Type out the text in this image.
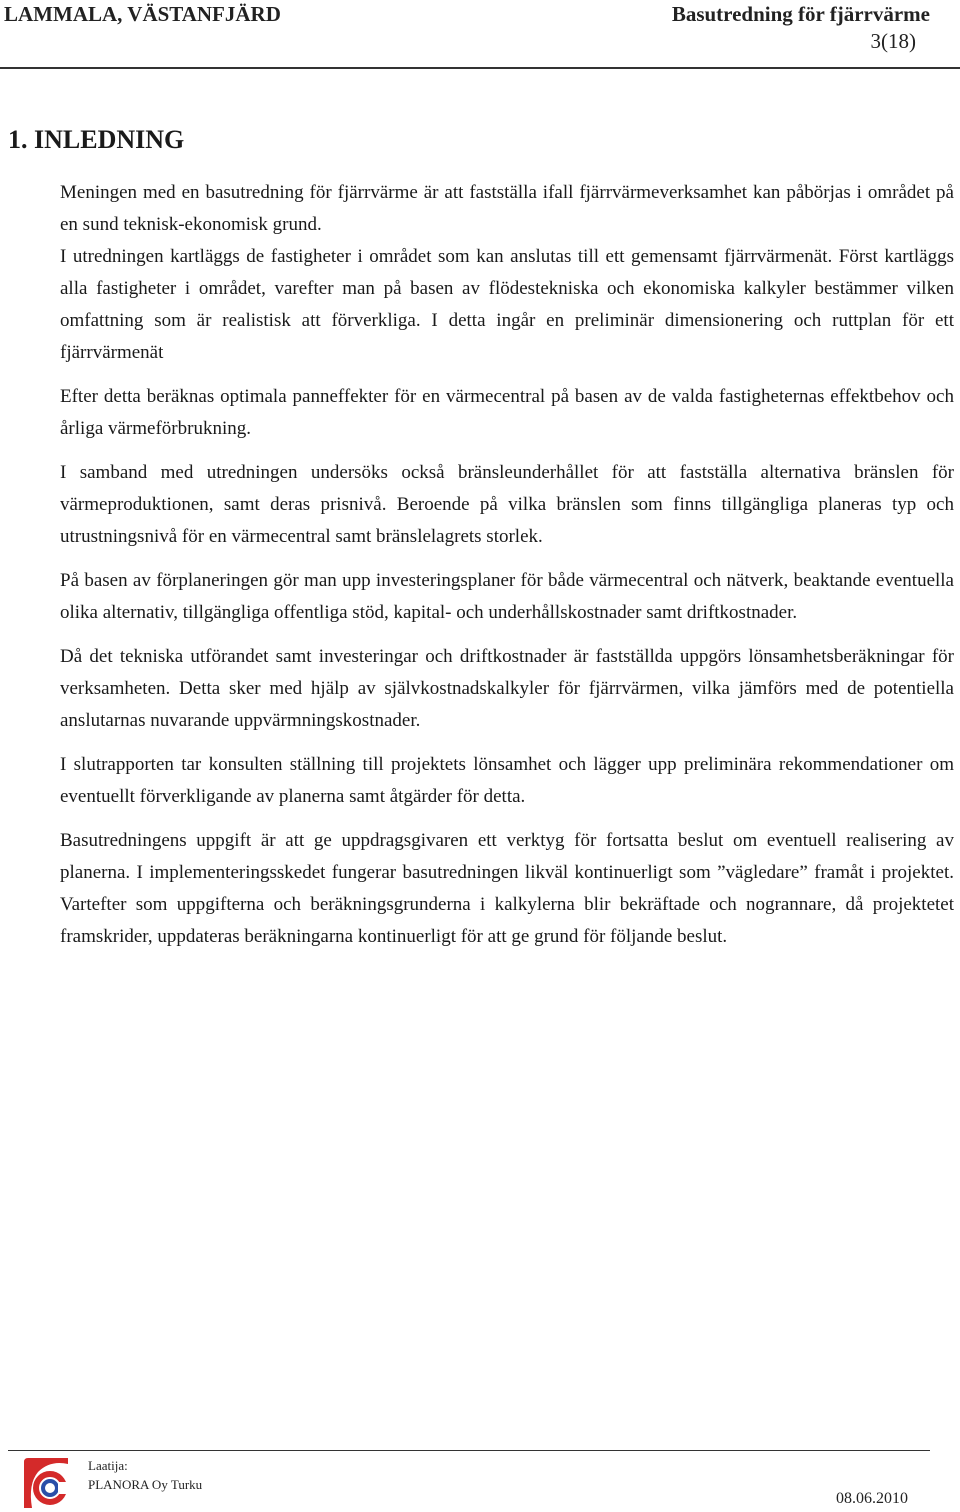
LAMMALA, VÄSTANFJÄRD	Basutredning för fjärrvärme
3(18)
1. INLEDNING

Meningen med en basutredning för fjärrvärme är att fastställa ifall fjärrvärmeverksamhet kan påbörjas i området på en sund teknisk-ekonomisk grund.

I utredningen kartläggs de fastigheter i området som kan anslutas till ett gemensamt fjärrvärmenät. Först kartläggs alla fastigheter i området, varefter man på basen av flödestekniska och ekonomiska kalkyler bestämmer vilken omfattning som är realistisk att förverkliga. I detta ingår en preliminär dimensionering och ruttplan för ett fjärrvärmenät

Efter detta beräknas optimala panneffekter för en värmecentral på basen av de valda fastigheternas effektbehov och årliga värmeförbrukning.

I samband med utredningen undersöks också bränsleunderhållet för att fastställa alternativa bränslen för värmeproduktionen, samt deras prisnivå. Beroende på vilka bränslen som finns tillgängliga planeras typ och utrustningsnivå för en värmecentral samt bränslelagrets storlek.

På basen av förplaneringen gör man upp investeringsplaner för både värmecentral och nätverk, beaktande eventuella olika alternativ, tillgängliga offentliga stöd, kapital- och underhållskostnader samt driftkostnader.

Då det tekniska utförandet samt investeringar och driftkostnader är fastställda uppgörs lönsamhetsberäkningar för verksamheten. Detta sker med hjälp av självkostnadskalkyler för fjärrvärmen, vilka jämförs med de potentiella anslutarnas nuvarande uppvärmningskostnader.

I slutrapporten tar konsulten ställning till projektets lönsamhet och lägger upp preliminära rekommendationer om eventuellt förverkligande av planerna samt åtgärder för detta.

Basutredningens uppgift är att ge uppdragsgivaren ett verktyg för fortsatta beslut om eventuell realisering av planerna. I implementeringsskedet fungerar basutredningen likväl kontinuerligt som ”vägledare” framåt i projektet. Vartefter som uppgifterna och beräkningsgrunderna i kalkylerna blir bekräftade och nogrannare, då projektetet framskrider, uppdateras beräkningarna kontinuerligt för att ge grund för följande beslut.

Laatija:
PLANORA Oy Turku
08.06.2010
